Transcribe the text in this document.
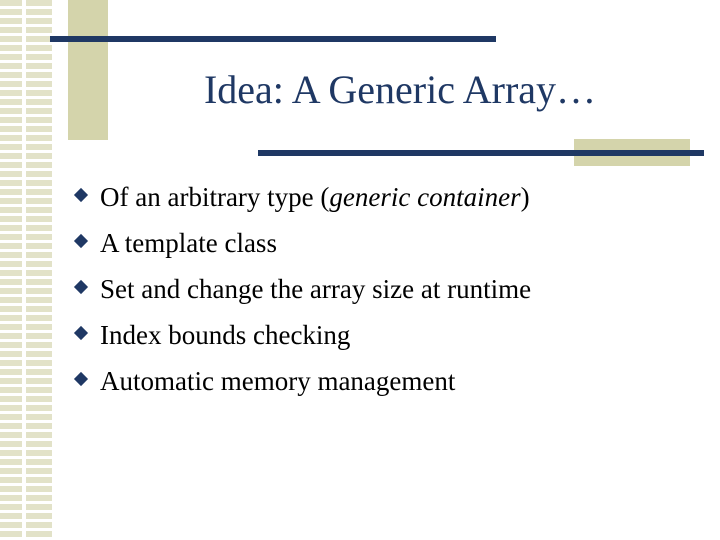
Idea: A Generic Array…
Of an arbitrary type (generic container)
A template class
Set and change the array size at runtime
Index bounds checking
Automatic memory management
